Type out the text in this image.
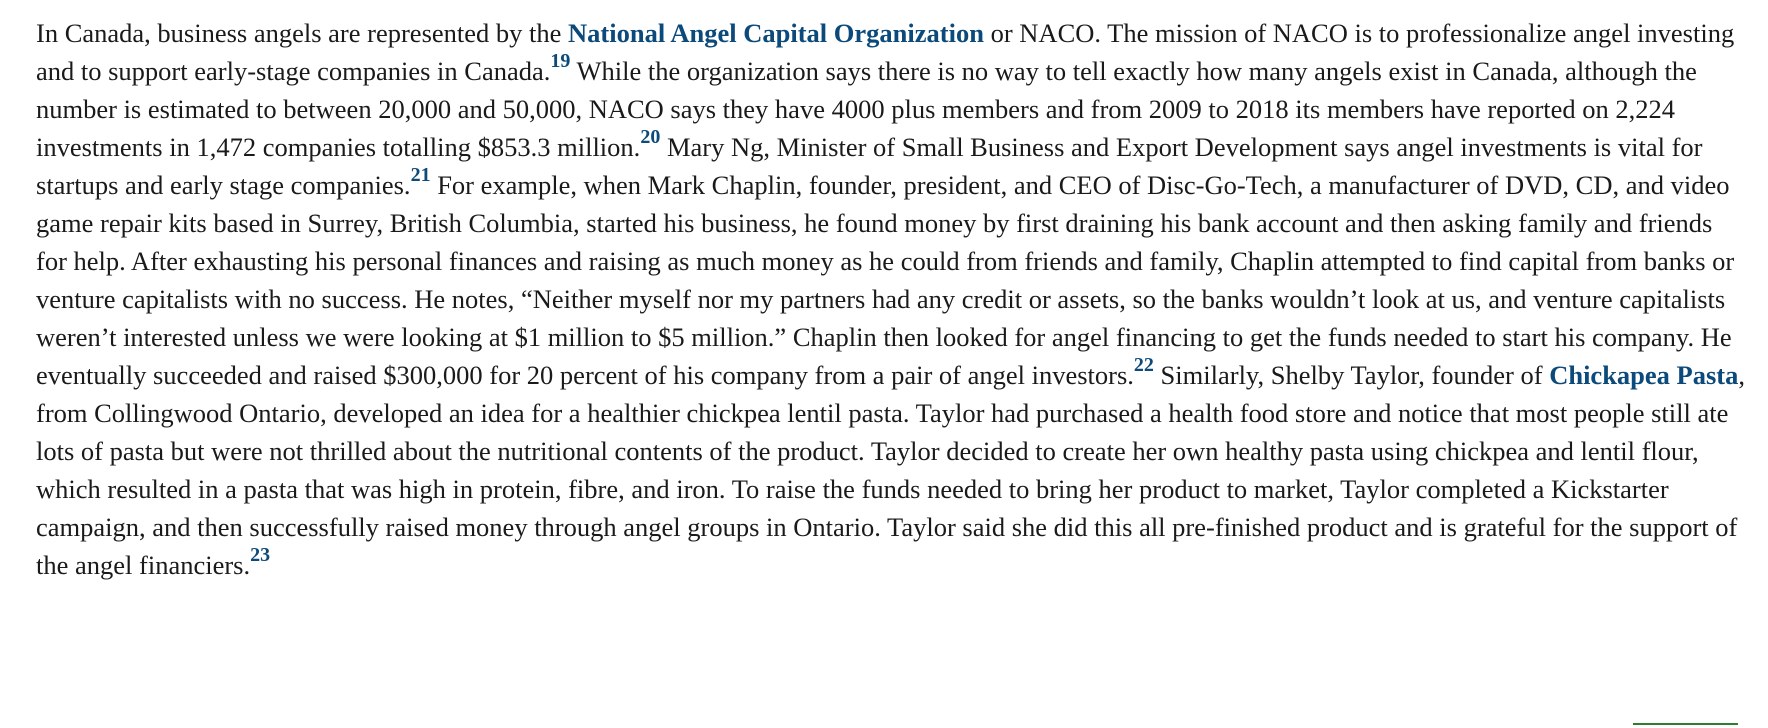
In Canada, business angels are represented by the National Angel Capital Organization or NACO. The mission of NACO is to professionalize angel investing and to support early-stage companies in Canada.$^{19}$ While the organization says there is no way to tell exactly how many angels exist in Canada, although the number is estimated to between 20,000 and 50,000, NACO says they have 4000 plus members and from 2009 to 2018 its members have reported on 2,224 investments in 1,472 companies totalling $853.3 million.$^{20}$ Mary Ng, Minister of Small Business and Export Development says angel investments is vital for startups and early stage companies.$^{21}$ For example, when Mark Chaplin, founder, president, and CEO of Disc-Go-Tech, a manufacturer of DVD, CD, and video game repair kits based in Surrey, British Columbia, started his business, he found money by first draining his bank account and then asking family and friends for help. After exhausting his personal finances and raising as much money as he could from friends and family, Chaplin attempted to find capital from banks or venture capitalists with no success. He notes, “Neither myself nor my partners had any credit or assets, so the banks wouldn’t look at us, and venture capitalists weren’t interested unless we were looking at $1 million to $5 million.” Chaplin then looked for angel financing to get the funds needed to start his company. He eventually succeeded and raised $300,000 for 20 percent of his company from a pair of angel investors.$^{22}$ Similarly, Shelby Taylor, founder of Chickapea Pasta, from Collingwood Ontario, developed an idea for a healthier chickpea lentil pasta. Taylor had purchased a health food store and notice that most people still ate lots of pasta but were not thrilled about the nutritional contents of the product. Taylor decided to create her own healthy pasta using chickpea and lentil flour, which resulted in a pasta that was high in protein, fibre, and iron. To raise the funds needed to bring her product to market, Taylor completed a Kickstarter campaign, and then successfully raised money through angel groups in Ontario. Taylor said she did this all pre-finished product and is grateful for the support of the angel financiers.$^{23}$
